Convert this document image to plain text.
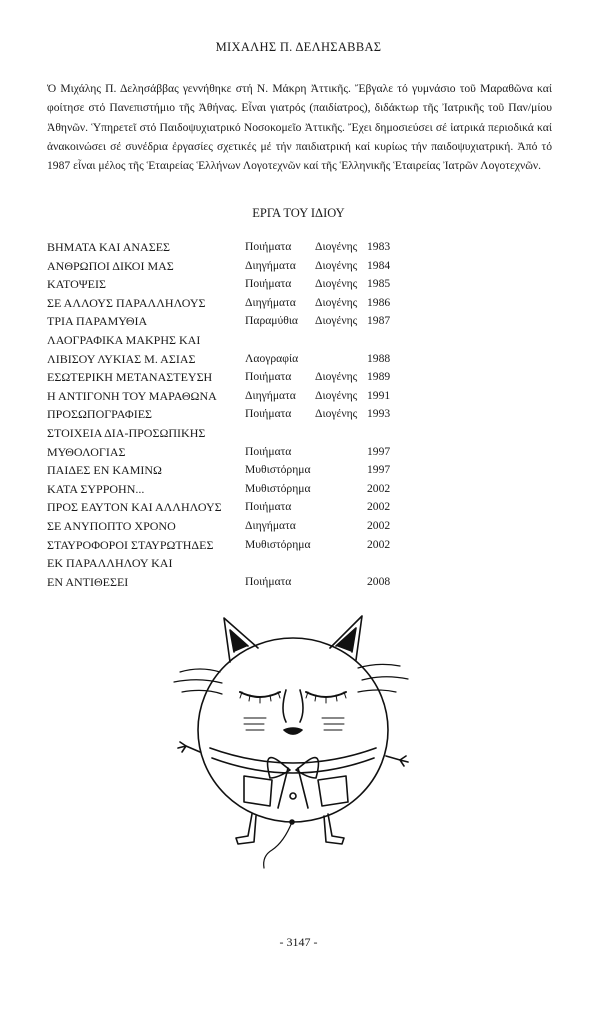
ΜΙΧΑΛΗΣ Π. ΔΕΛΗΣΑΒΒΑΣ
Ὁ Μιχάλης Π. Δελησάββας γεννήθηκε στή Ν. Μάκρη Ἀττικῆς. Ἔβγαλε τό γυμνάσιο τοῦ Μαραθῶνα καί φοίτησε στό Πανεπιστήμιο τῆς Ἀθήνας. Εἶναι γιατρός (παιδίατρος), διδάκτωρ τῆς Ἰατρικῆς τοῦ Παν/μίου Ἀθηνῶν. Ὑπηρετεῖ στό Παιδοψυχιατρικό Νοσοκομεῖο Ἀττικῆς. Ἔχει δημοσιεύσει σέ ἰατρικά περιοδικά καί ἀνακοινώσει σέ συνέδρια ἐργασίες σχετικές μέ τήν παιδιατρική καί κυρίως τήν παιδοψυχιατρική. Ἀπό τό 1987 εἶναι μέλος τῆς Ἑταιρείας Ἑλλήνων Λογοτεχνῶν καί τῆς Ἑλληνικῆς Ἑταιρείας Ἰατρῶν Λογοτεχνῶν.
ΕΡΓΑ ΤΟΥ ΙΔΙΟΥ
ΒΗΜΑΤΑ ΚΑΙ ΑΝΑΣΕΣ	Ποιήματα Διογένης 1983
ΑΝΘΡΩΠΟΙ ΔΙΚΟΙ ΜΑΣ	Διηγήματα Διογένης 1984
ΚΑΤΟΨΕΙΣ	Ποιήματα Διογένης 1985
ΣΕ ΑΛΛΟΥΣ ΠΑΡΑΛΛΗΛΟΥΣ	Διηγήματα Διογένης 1986
ΤΡΙΑ ΠΑΡΑΜΥΘΙΑ	Παραμύθια Διογένης 1987
ΛΑΟΓΡΑΦΙΚΑ ΜΑΚΡΗΣ ΚΑΙ
ΛΙΒΙΣΟΥ ΛΥΚΙΑΣ Μ. ΑΣΙΑΣ	Λαογραφία	1988
ΕΣΩΤΕΡΙΚΗ ΜΕΤΑΝΑΣΤΕΥΣΗ	Ποιήματα Διογένης 1989
Η ΑΝΤΙΓΟΝΗ ΤΟΥ ΜΑΡΑΘΩΝΑ Διηγήματα Διογένης 1991
ΠΡΟΣΩΠΟΓΡΑΦΙΕΣ	Ποιήματα Διογένης 1993
ΣΤΟΙΧΕΙΑ ΔΙΑ-ΠΡΟΣΩΠΙΚΗΣ
ΜΥΘΟΛΟΓΙΑΣ	Ποιήματα	1997
ΠΑΙΔΕΣ ΕΝ ΚΑΜΙΝΩ	Μυθιστόρημα	1997
ΚΑΤΑ ΣΥΡΡΟΗΝ...	Μυθιστόρημα	2002
ΠΡΟΣ ΕΑΥΤΟΝ ΚΑΙ ΑΛΛΗΛΟΥΣ Ποιήματα	2002
ΣΕ ΑΝΥΠΟΠΤΟ ΧΡΟΝΟ	Διηγήματα	2002
ΣΤΑΥΡΟΦΟΡΟΙ ΣΤΑΥΡΩΤΗΔΕΣ	Μυθιστόρημα	2002
ΕΚ ΠΑΡΑΛΛΗΛΟΥ ΚΑΙ
ΕΝ ΑΝΤΙΘΕΣΕΙ	Ποιήματα	2008
- 3147 -
